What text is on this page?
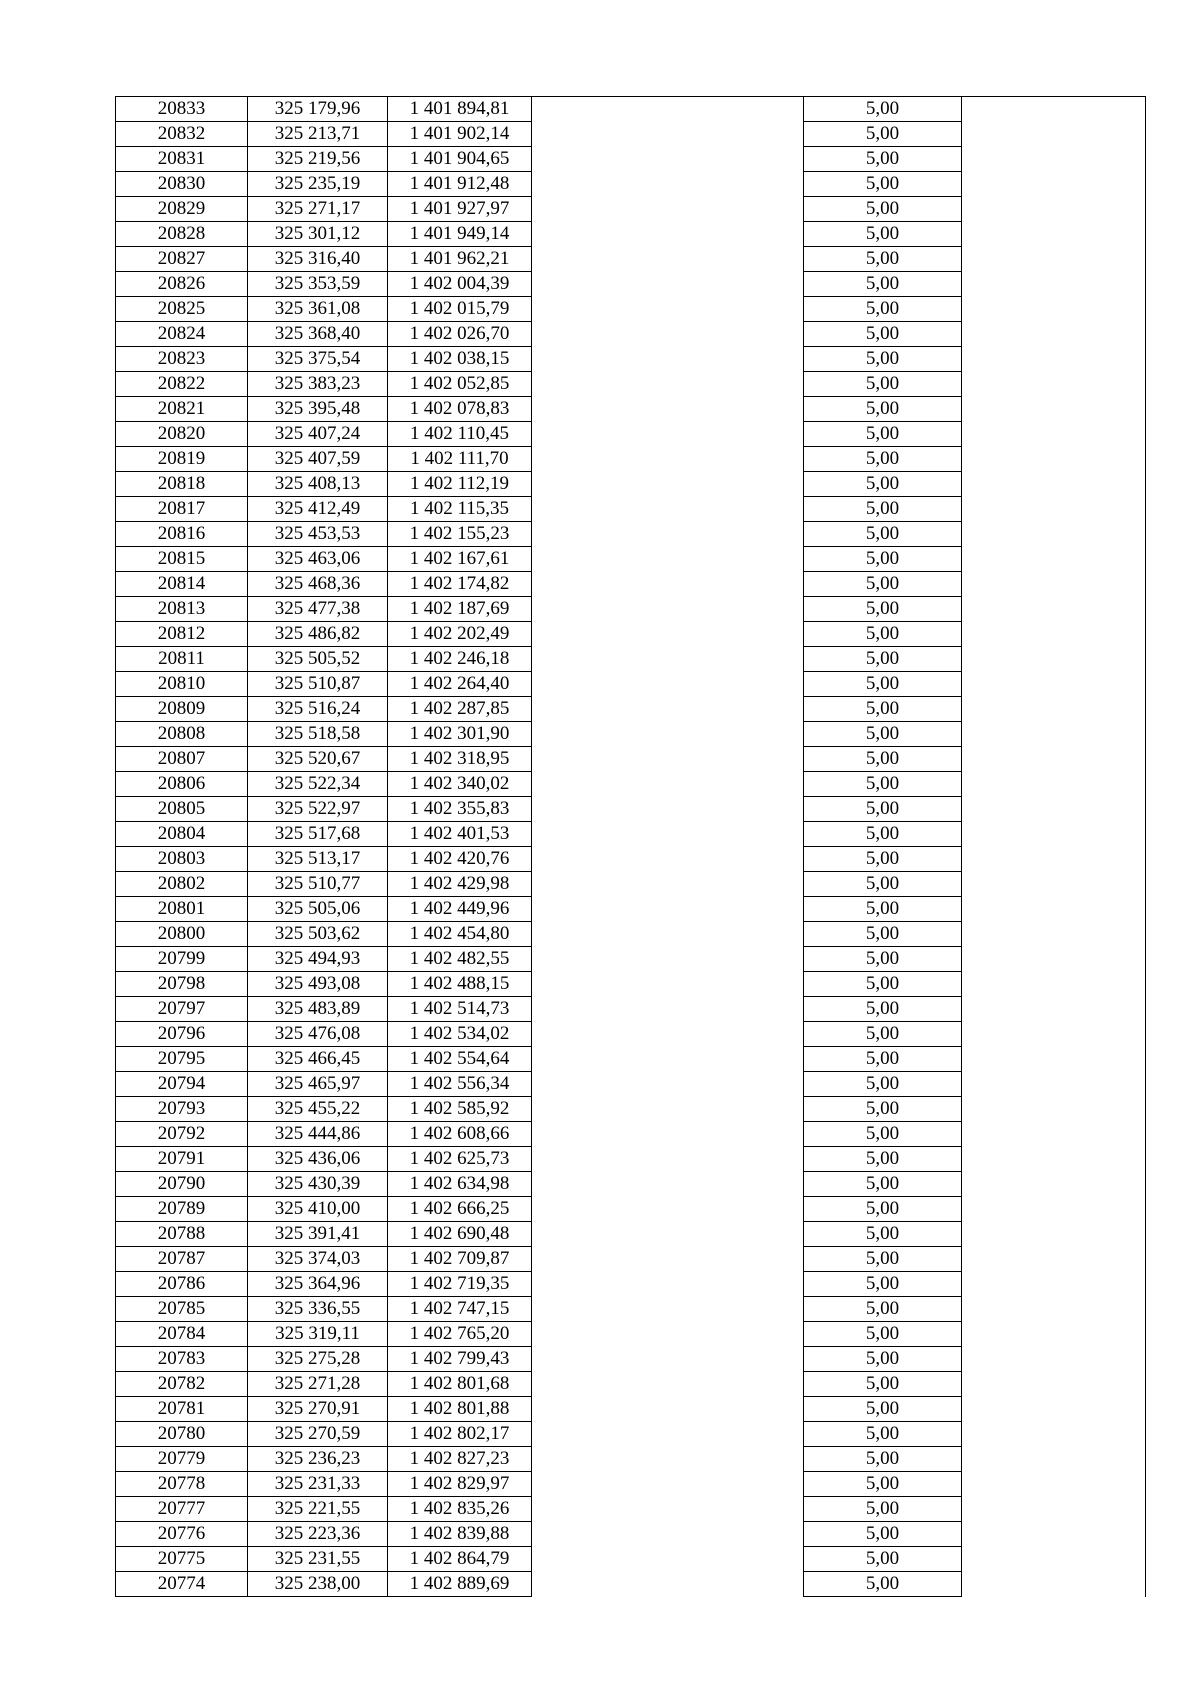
20833	325 179,96	1 401 894,81		5,00	
20832	325 213,71	1 401 902,14		5,00	
20831	325 219,56	1 401 904,65		5,00	
20830	325 235,19	1 401 912,48		5,00	
20829	325 271,17	1 401 927,97		5,00	
20828	325 301,12	1 401 949,14		5,00	
20827	325 316,40	1 401 962,21		5,00	
20826	325 353,59	1 402 004,39		5,00	
20825	325 361,08	1 402 015,79		5,00	
20824	325 368,40	1 402 026,70		5,00	
20823	325 375,54	1 402 038,15		5,00	
20822	325 383,23	1 402 052,85		5,00	
20821	325 395,48	1 402 078,83		5,00	
20820	325 407,24	1 402 110,45		5,00	
20819	325 407,59	1 402 111,70		5,00	
20818	325 408,13	1 402 112,19		5,00	
20817	325 412,49	1 402 115,35		5,00	
20816	325 453,53	1 402 155,23		5,00	
20815	325 463,06	1 402 167,61		5,00	
20814	325 468,36	1 402 174,82		5,00	
20813	325 477,38	1 402 187,69		5,00	
20812	325 486,82	1 402 202,49		5,00	
20811	325 505,52	1 402 246,18		5,00	
20810	325 510,87	1 402 264,40		5,00	
20809	325 516,24	1 402 287,85		5,00	
20808	325 518,58	1 402 301,90		5,00	
20807	325 520,67	1 402 318,95		5,00	
20806	325 522,34	1 402 340,02		5,00	
20805	325 522,97	1 402 355,83		5,00	
20804	325 517,68	1 402 401,53		5,00	
20803	325 513,17	1 402 420,76		5,00	
20802	325 510,77	1 402 429,98		5,00	
20801	325 505,06	1 402 449,96		5,00	
20800	325 503,62	1 402 454,80		5,00	
20799	325 494,93	1 402 482,55		5,00	
20798	325 493,08	1 402 488,15		5,00	
20797	325 483,89	1 402 514,73		5,00	
20796	325 476,08	1 402 534,02		5,00	
20795	325 466,45	1 402 554,64		5,00	
20794	325 465,97	1 402 556,34		5,00	
20793	325 455,22	1 402 585,92		5,00	
20792	325 444,86	1 402 608,66		5,00	
20791	325 436,06	1 402 625,73		5,00	
20790	325 430,39	1 402 634,98		5,00	
20789	325 410,00	1 402 666,25		5,00	
20788	325 391,41	1 402 690,48		5,00	
20787	325 374,03	1 402 709,87		5,00	
20786	325 364,96	1 402 719,35		5,00	
20785	325 336,55	1 402 747,15		5,00	
20784	325 319,11	1 402 765,20		5,00	
20783	325 275,28	1 402 799,43		5,00	
20782	325 271,28	1 402 801,68		5,00	
20781	325 270,91	1 402 801,88		5,00	
20780	325 270,59	1 402 802,17		5,00	
20779	325 236,23	1 402 827,23		5,00	
20778	325 231,33	1 402 829,97		5,00	
20777	325 221,55	1 402 835,26		5,00	
20776	325 223,36	1 402 839,88		5,00	
20775	325 231,55	1 402 864,79		5,00	
20774	325 238,00	1 402 889,69		5,00	
